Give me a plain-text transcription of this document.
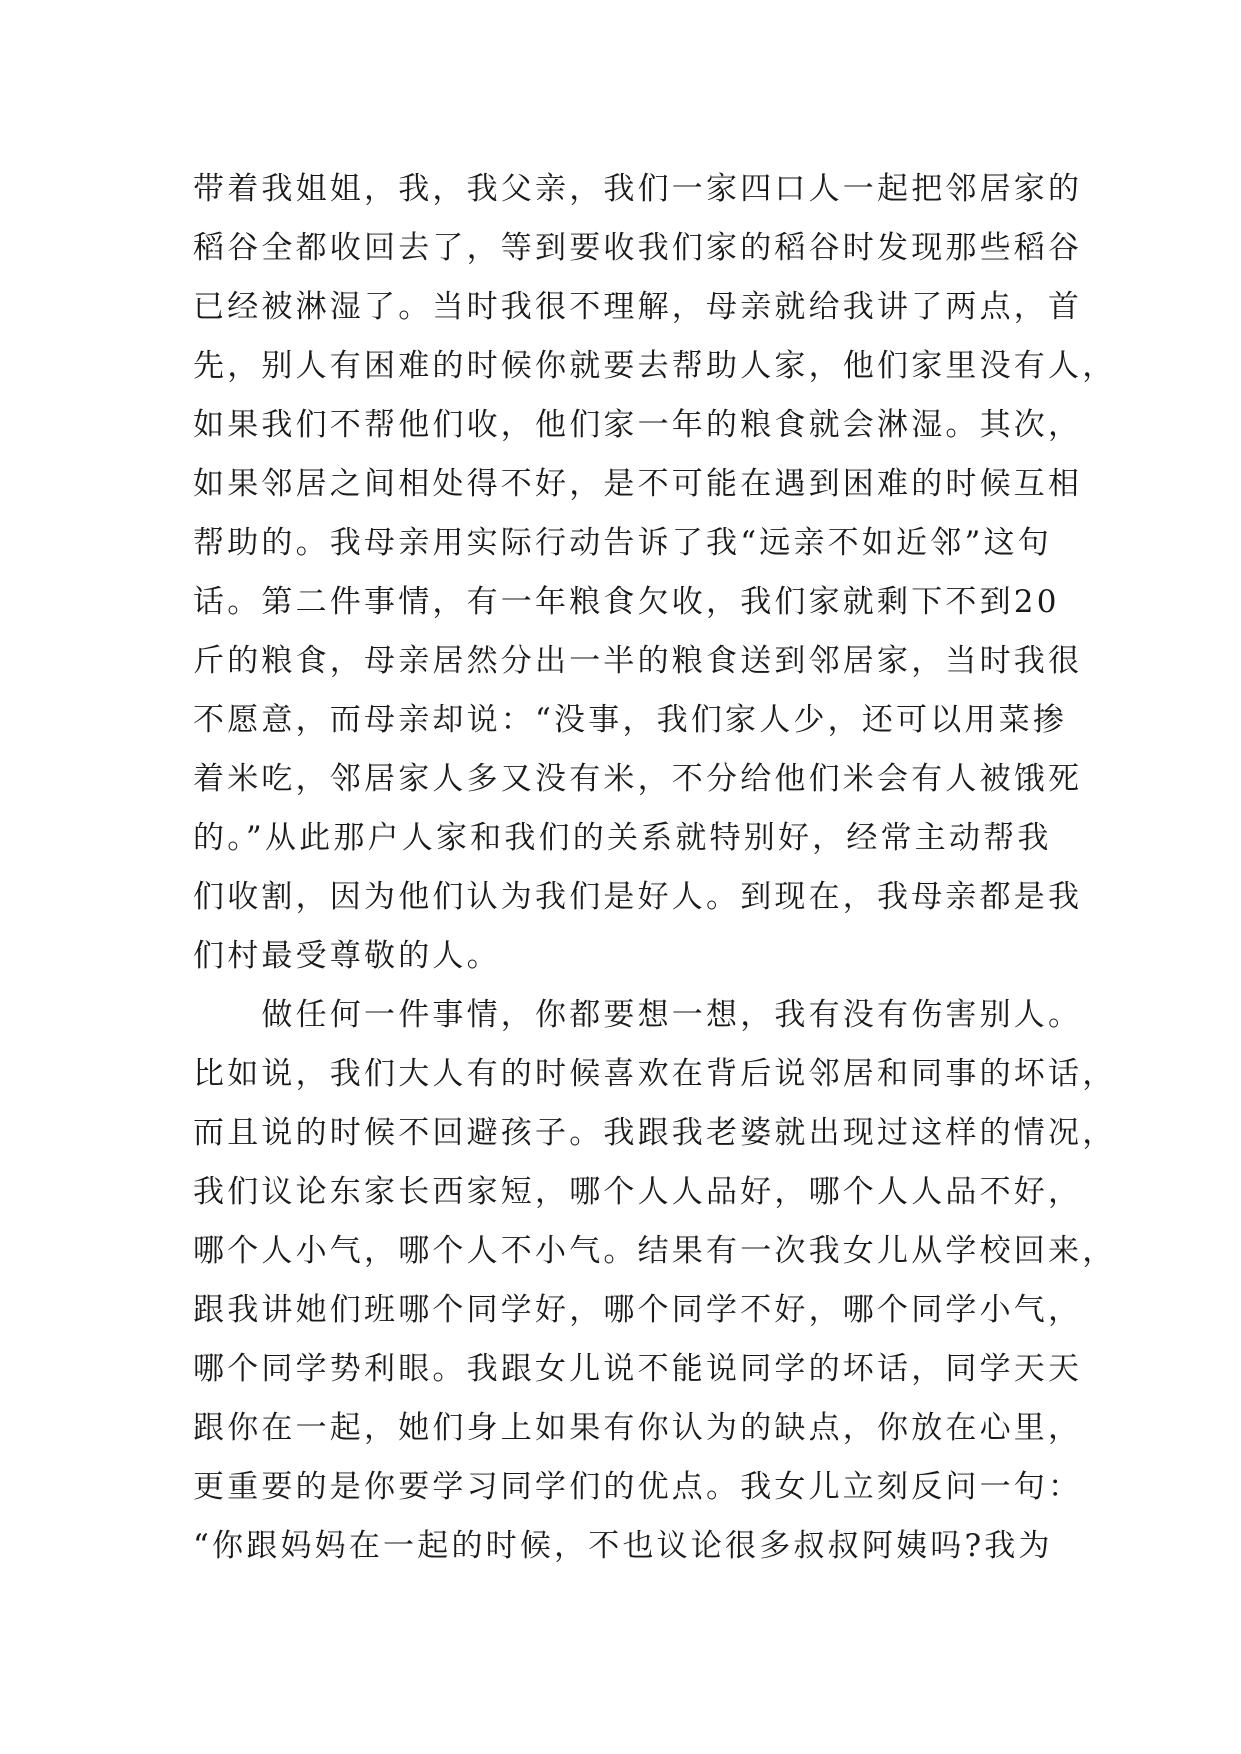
带着我姐姐，我，我父亲，我们一家四口人一起把邻居家的
稻谷全都收回去了，等到要收我们家的稻谷时发现那些稻谷
已经被淋湿了。当时我很不理解，母亲就给我讲了两点，首
先，别人有困难的时候你就要去帮助人家，他们家里没有人，
如果我们不帮他们收，他们家一年的粮食就会淋湿。其次，
如果邻居之间相处得不好，是不可能在遇到困难的时候互相
帮助的。我母亲用实际行动告诉了我“远亲不如近邻”这句
话。第二件事情，有一年粮食欠收，我们家就剩下不到20
斤的粮食，母亲居然分出一半的粮食送到邻居家，当时我很
不愿意，而母亲却说：“没事，我们家人少，还可以用菜掺
着米吃，邻居家人多又没有米，不分给他们米会有人被饿死
的。”从此那户人家和我们的关系就特别好，经常主动帮我
们收割，因为他们认为我们是好人。到现在，我母亲都是我
们村最受尊敬的人。
　　做任何一件事情，你都要想一想，我有没有伤害别人。
比如说，我们大人有的时候喜欢在背后说邻居和同事的坏话，
而且说的时候不回避孩子。我跟我老婆就出现过这样的情况，
我们议论东家长西家短，哪个人人品好，哪个人人品不好，
哪个人小气，哪个人不小气。结果有一次我女儿从学校回来，
跟我讲她们班哪个同学好，哪个同学不好，哪个同学小气，
哪个同学势利眼。我跟女儿说不能说同学的坏话，同学天天
跟你在一起，她们身上如果有你认为的缺点，你放在心里，
更重要的是你要学习同学们的优点。我女儿立刻反问一句：
“你跟妈妈在一起的时候，不也议论很多叔叔阿姨吗?我为
